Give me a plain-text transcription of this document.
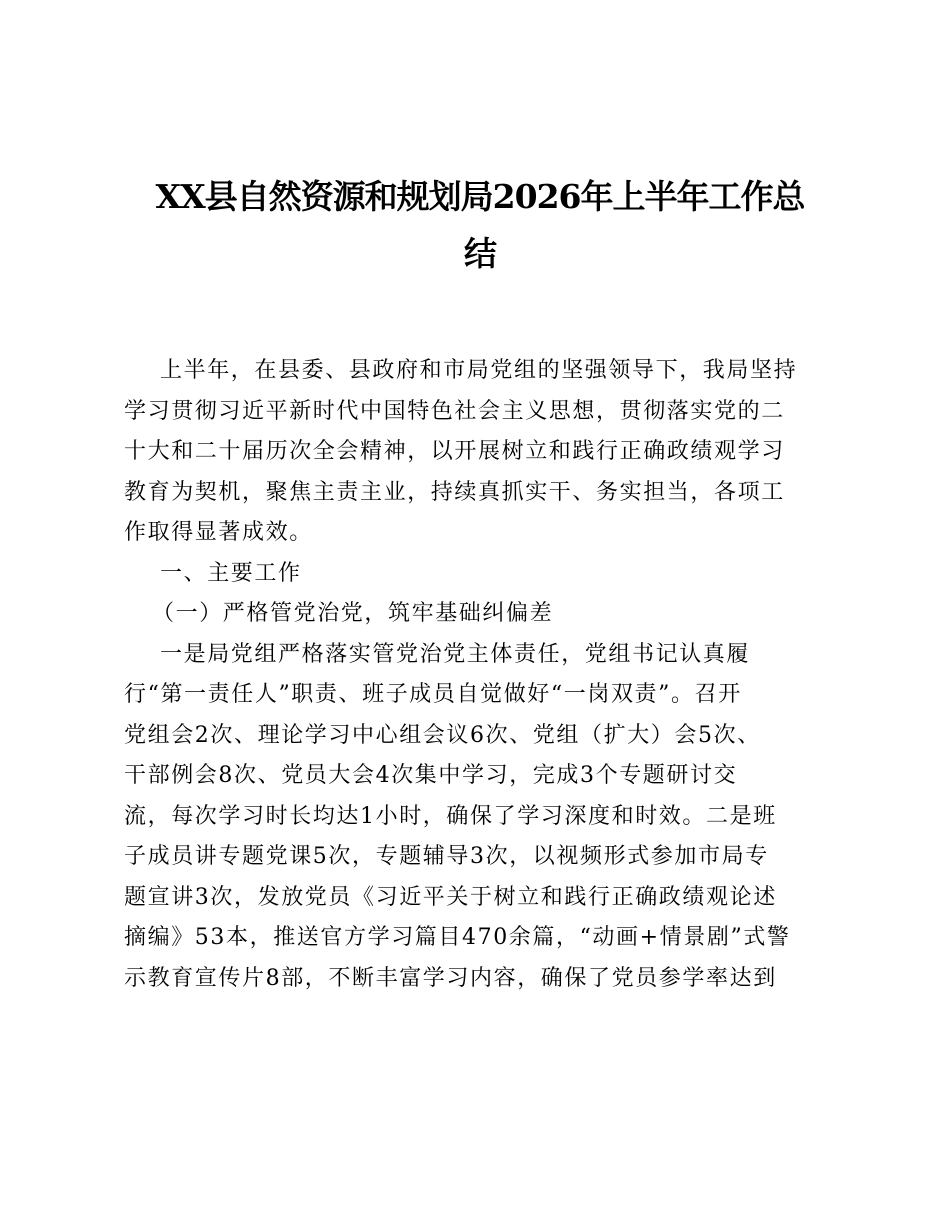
XX县自然资源和规划局2026年上半年工作总
结

上半年，在县委、县政府和市局党组的坚强领导下，我局坚持
学习贯彻习近平新时代中国特色社会主义思想，贯彻落实党的二
十大和二十届历次全会精神，以开展树立和践行正确政绩观学习
教育为契机，聚焦主责主业，持续真抓实干、务实担当，各项工
作取得显著成效。

一、主要工作

（一）严格管党治党，筑牢基础纠偏差

一是局党组严格落实管党治党主体责任，党组书记认真履
行“第一责任人”职责、班子成员自觉做好“一岗双责”。召开
党组会2次、理论学习中心组会议6次、党组（扩大）会5次、
干部例会8次、党员大会4次集中学习，完成3个专题研讨交
流，每次学习时长均达1小时，确保了学习深度和时效。二是班
子成员讲专题党课5次，专题辅导3次，以视频形式参加市局专
题宣讲3次，发放党员《习近平关于树立和践行正确政绩观论述
摘编》53本，推送官方学习篇目470余篇，“动画+情景剧”式警
示教育宣传片8部，不断丰富学习内容，确保了党员参学率达到
